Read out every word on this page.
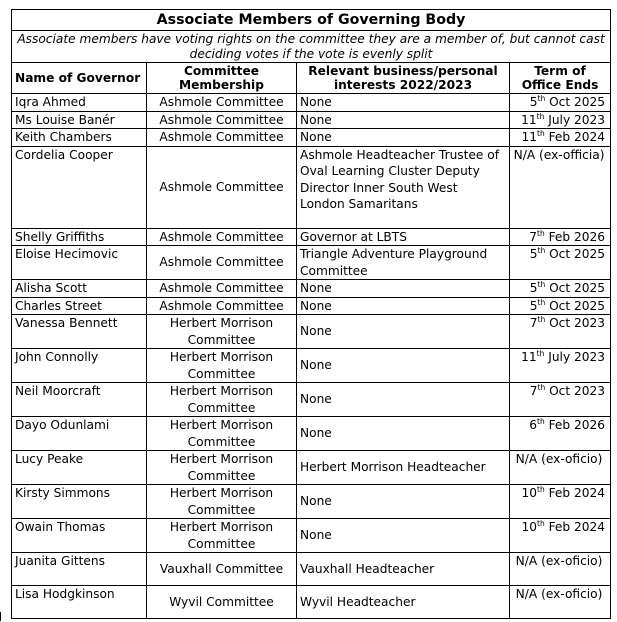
Associate Members of Governing Body			
Associate members have voting rights on the committee they are a member of, but cannot cast deciding votes if the vote is evenly split			
Name of Governor	Committee Membership	Relevant business/personal interests 2022/2023	Term of Office Ends
Iqra Ahmed	Ashmole Committee	None	5th Oct 2025
Ms Louise Banér	Ashmole Committee	None	11th July 2023
Keith Chambers	Ashmole Committee	None	11th Feb 2024
Cordelia Cooper	Ashmole Committee	Ashmole Headteacher Trustee of Oval Learning Cluster Deputy Director Inner South West London Samaritans	N/A (ex-officia)
Shelly Griffiths	Ashmole Committee	Governor at LBTS	7th Feb 2026
Eloise Hecimovic	Ashmole Committee	Triangle Adventure Playground Committee	5th Oct 2025
Alisha Scott	Ashmole Committee	None	5th Oct 2025
Charles Street	Ashmole Committee	None	5th Oct 2025
Vanessa Bennett	Herbert Morrison Committee	None	7th Oct 2023
John Connolly	Herbert Morrison Committee	None	11th July 2023
Neil Moorcraft	Herbert Morrison Committee	None	7th Oct 2023
Dayo Odunlami	Herbert Morrison Committee	None	6th Feb 2026
Lucy Peake	Herbert Morrison Committee	Herbert Morrison Headteacher	N/A (ex-oficio)
Kirsty Simmons	Herbert Morrison Committee	None	10th Feb 2024
Owain Thomas	Herbert Morrison Committee	None	10th Feb 2024
Juanita Gittens	Vauxhall Committee	Vauxhall Headteacher	N/A (ex-oficio)
Lisa Hodgkinson	Wyvil Committee	Wyvil Headteacher	N/A (ex-oficio)
